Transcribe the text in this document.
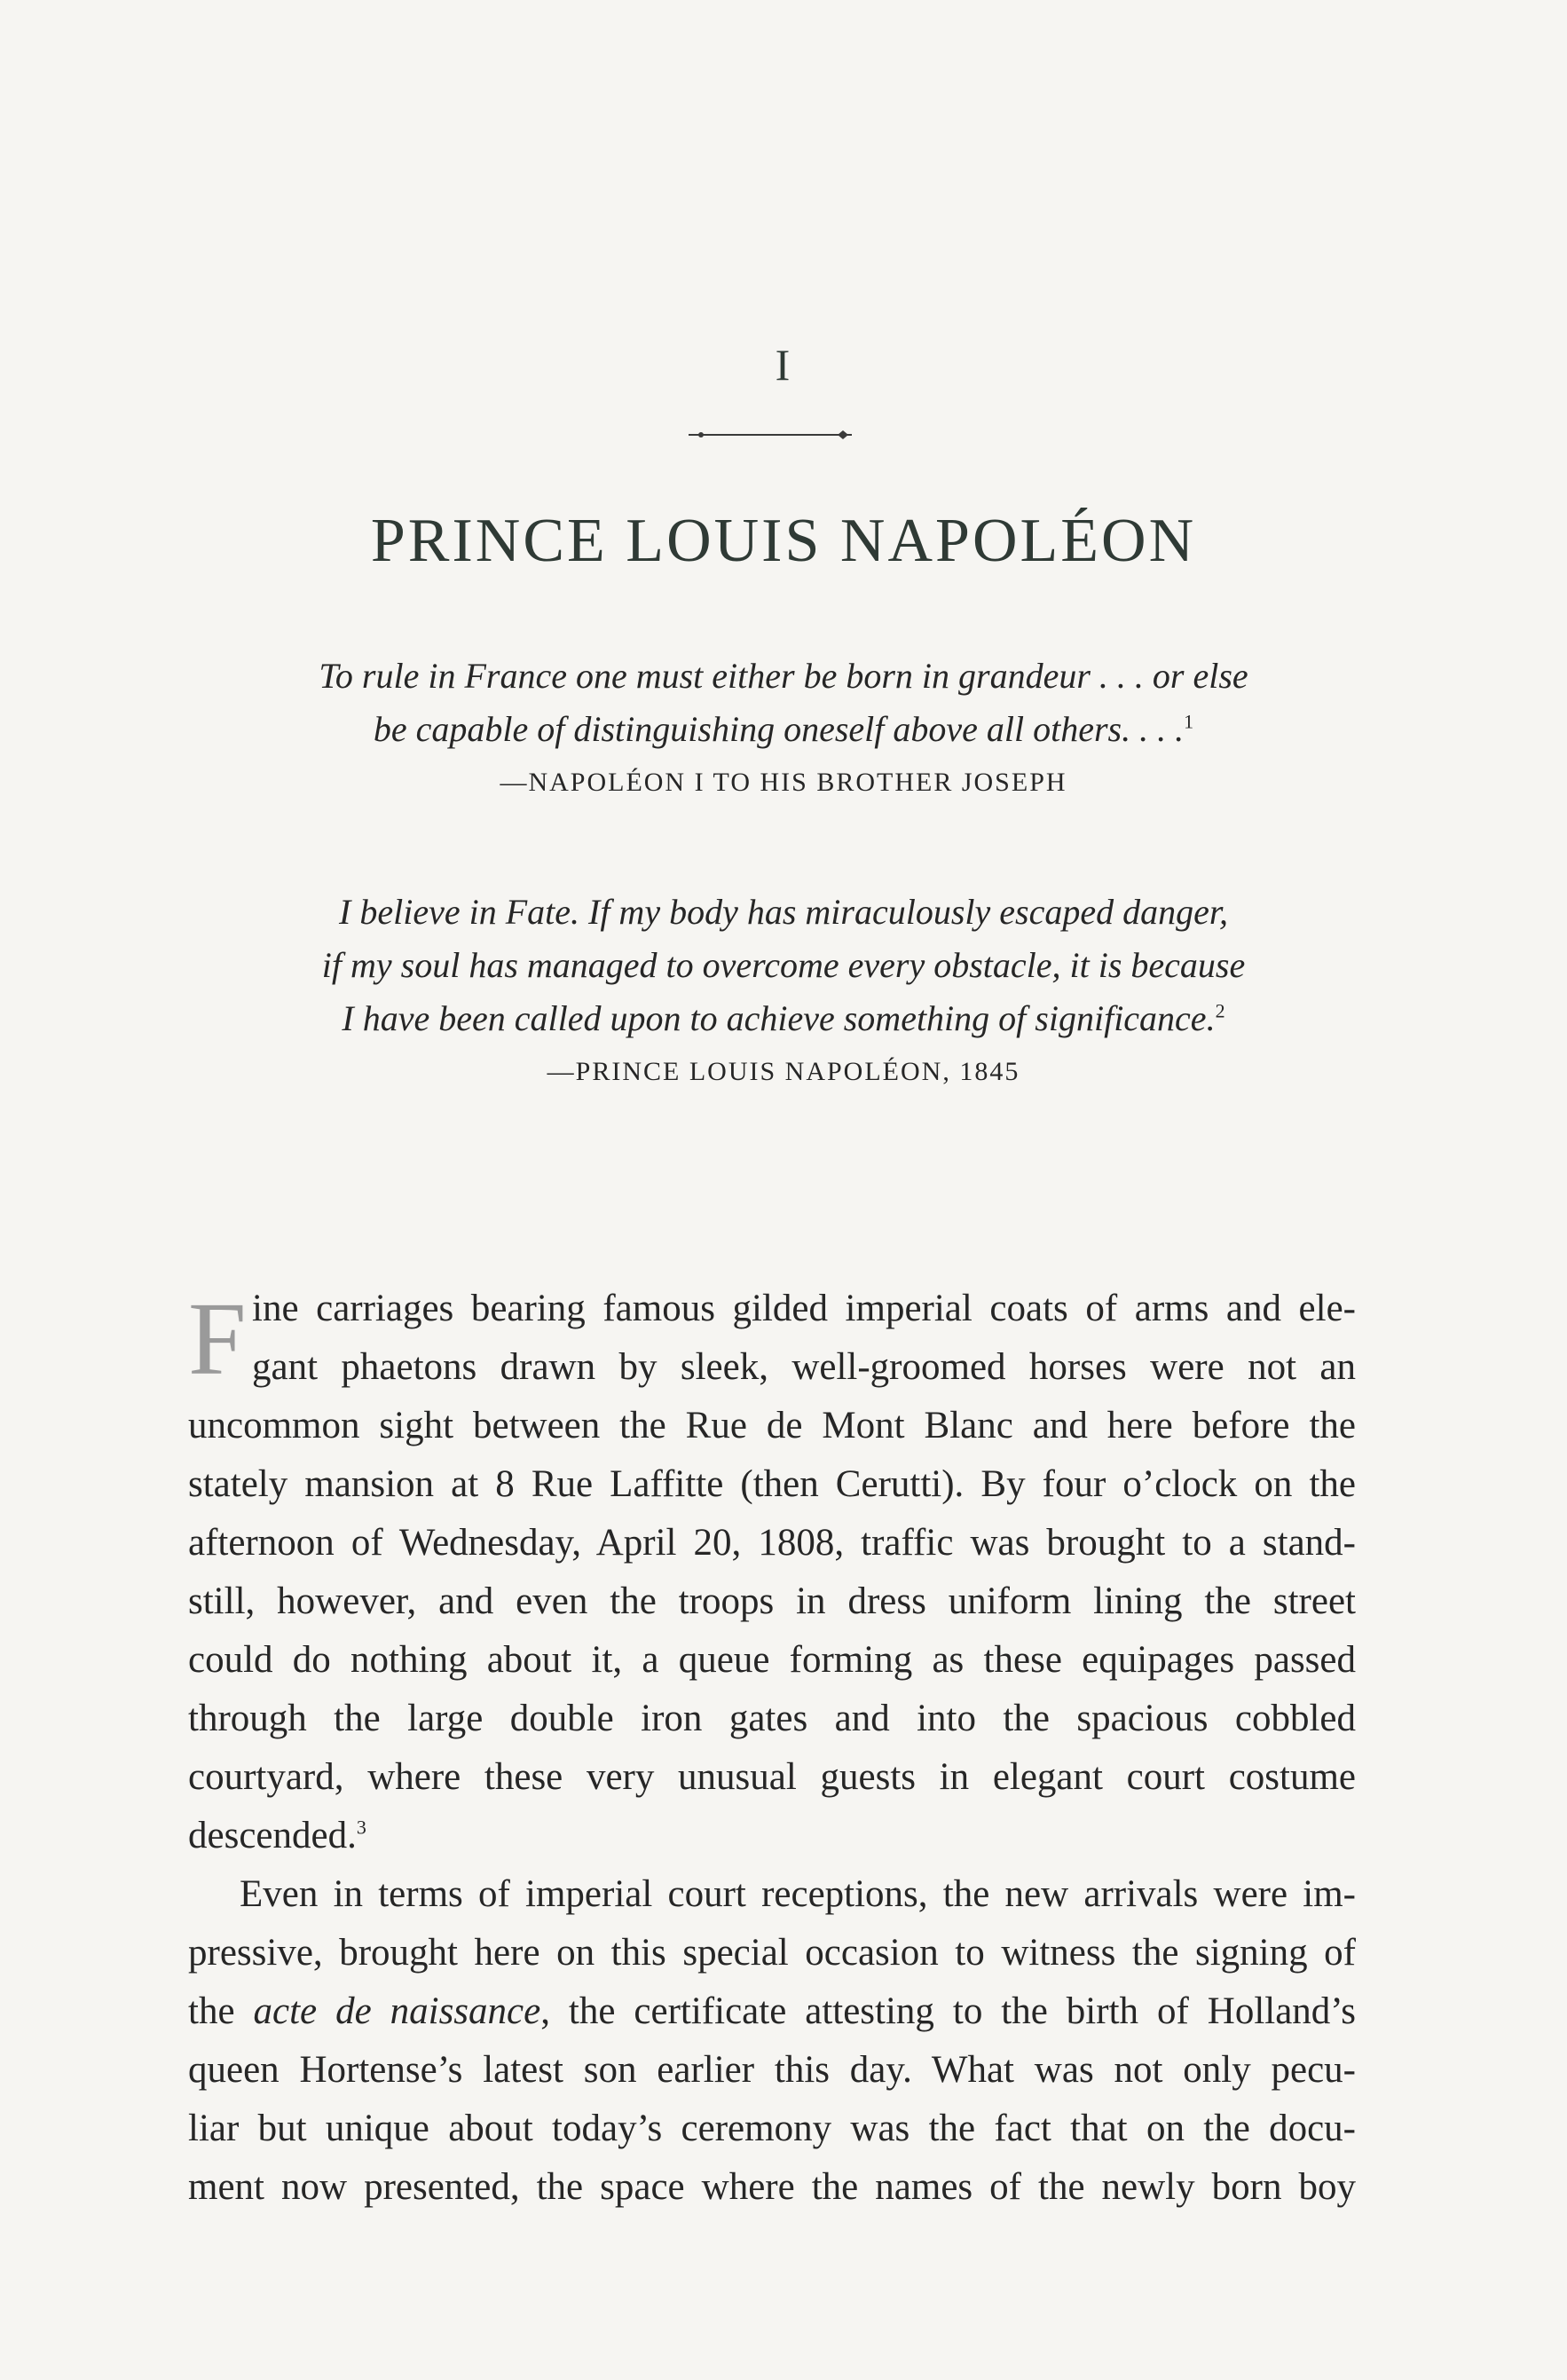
I
PRINCE LOUIS NAPOLÉON
To rule in France one must either be born in grandeur . . . or else
be capable of distinguishing oneself above all others. . . .$^1$
—NAPOLÉON I TO HIS BROTHER JOSEPH
I believe in Fate. If my body has miraculously escaped danger,
if my soul has managed to overcome every obstacle, it is because
I have been called upon to achieve something of significance.$^2$
—PRINCE LOUIS NAPOLÉON, 1845
F ine carriages bearing famous gilded imperial coats of arms and ele-
gant phaetons drawn by sleek, well-groomed horses were not an
uncommon sight between the Rue de Mont Blanc and here before the
stately mansion at 8 Rue Laffitte (then Cerutti). By four o’clock on the
afternoon of Wednesday, April 20, 1808, traffic was brought to a stand-
still, however, and even the troops in dress uniform lining the street
could do nothing about it, a queue forming as these equipages passed
through the large double iron gates and into the spacious cobbled
courtyard, where these very unusual guests in elegant court costume
descended.$^3$
Even in terms of imperial court receptions, the new arrivals were im-
pressive, brought here on this special occasion to witness the signing of
the acte de naissance, the certificate attesting to the birth of Holland’s
queen Hortense’s latest son earlier this day. What was not only pecu-
liar but unique about today’s ceremony was the fact that on the docu-
ment now presented, the space where the names of the newly born boy
